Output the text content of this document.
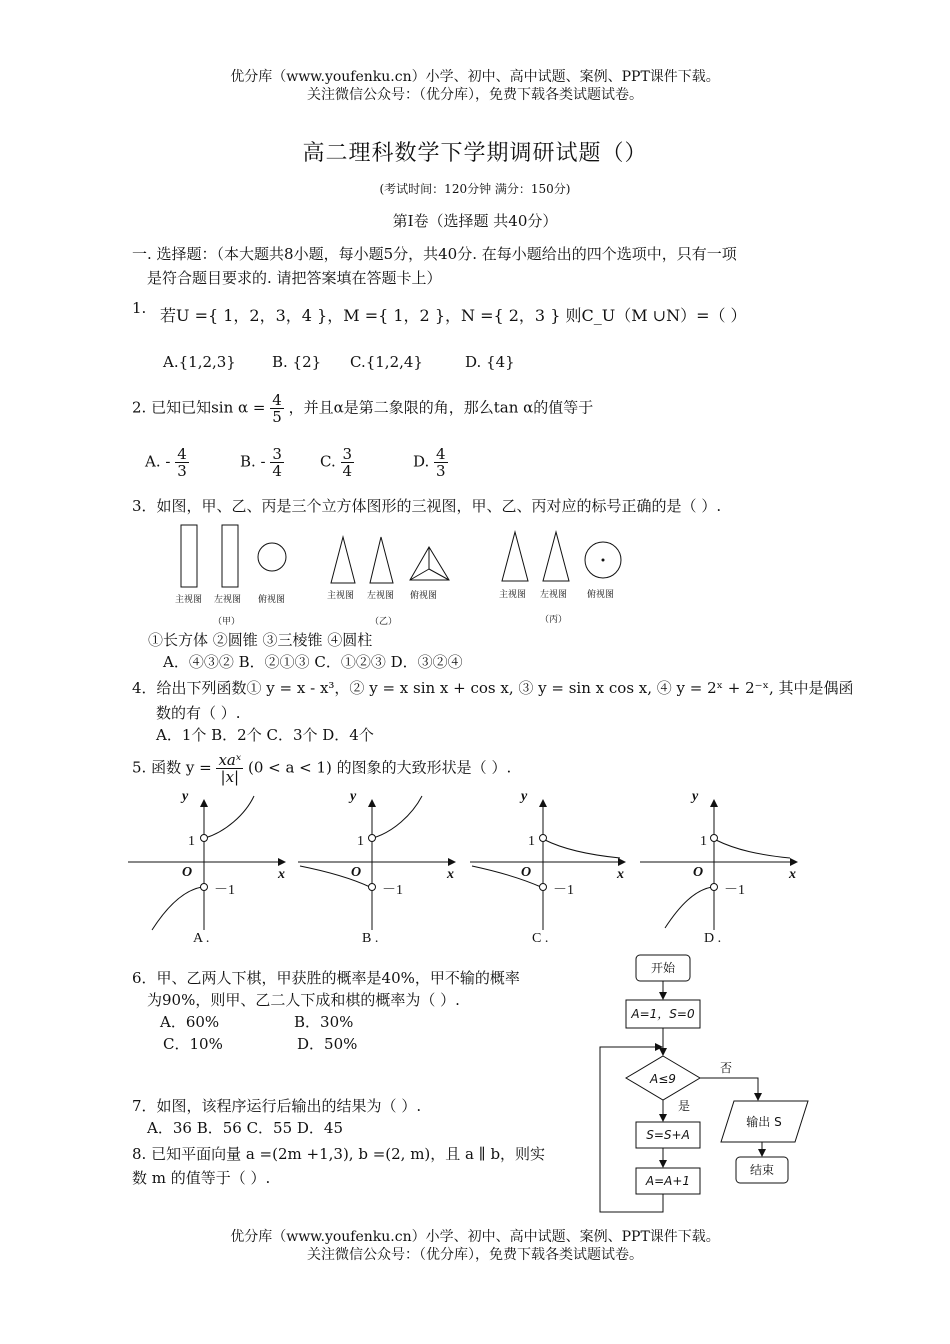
优分库（www.youfenku.cn）小学、初中、高中试题、案例、PPT课件下载。
关注微信公众号：（优分库），免费下载各类试题试卷。
高二理科数学下学期调研试题（）
(考试时间：120分钟 满分：150分)
第Ⅰ卷（选择题 共40分）
一. 选择题：（本大题共8小题，每小题5分，共40分. 在每小题给出的四个选项中，只有一项
是符合题目要求的. 请把答案填在答题卡上）
1. 若U ={ 1，2，3，4 }，M ={ 1，2 }，N ={ 2，3 } 则C_U（M ∪N）=（ ）
A.{1,2,3} B. {2} C.{1,2,4}	D. {4}
2. 已知已知$\sin \alpha = \frac{4}{5}$ ，并且α是第二象限的角，那么tan α的值等于
A. - $\frac{4}{3}$	B. - $\frac{3}{4} C$. $\frac{3}{4}$	D. $\frac{4}{3}$
3．如图，甲、乙、丙是三个立方体图形的三视图，甲、乙、丙对应的标号正确的是（ ）.
主视图 左视图 俯视图
（甲）
主视图 左视图 俯视图
（乙）
主视图 左视图 俯视图
（丙）
①长方体 ②圆锥 ③三棱锥 ④圆柱
A．④③② B．②①③ C．①②③ D．③②④
4．给出下列函数① y = x - x³，② y = x sin x + cos x, ③ y = sin x cos x, ④ y = 2ˣ + 2⁻ˣ, 其中是偶函
数的有（ ）.
A．1个 B．2个 C．3个 D．4个
5. 函数 $y = \frac{\text{xaˣ}}{|x|} (0 < a < 1)$ 的图象的大致形状是（ ）.
y
x
O
1
－1
A .
y
x
O
1
－1
B .
y
x
O
1
－1
C .
y
x
O
1
－1
D .
6．甲、乙两人下棋，甲获胜的概率是40%，甲不输的概率
为90%，则甲、乙二人下成和棋的概率为（ ）.
A．60%	B．30%
C．10%	D．50%
7．如图，该程序运行后输出的结果为（ ）.
A．36 B．56 C．55 D．45
8. 已知平面向量 a =(2m +1,3), b =(2, m)，且 a ∥ b，则实
数 m 的值等于（ ）.
开始
A=1，S=0
A≤9
否
是
S=S+A
A=A+1
输出 S
结束
优分库（www.youfenku.cn）小学、初中、高中试题、案例、PPT课件下载。
关注微信公众号：（优分库），免费下载各类试题试卷。
